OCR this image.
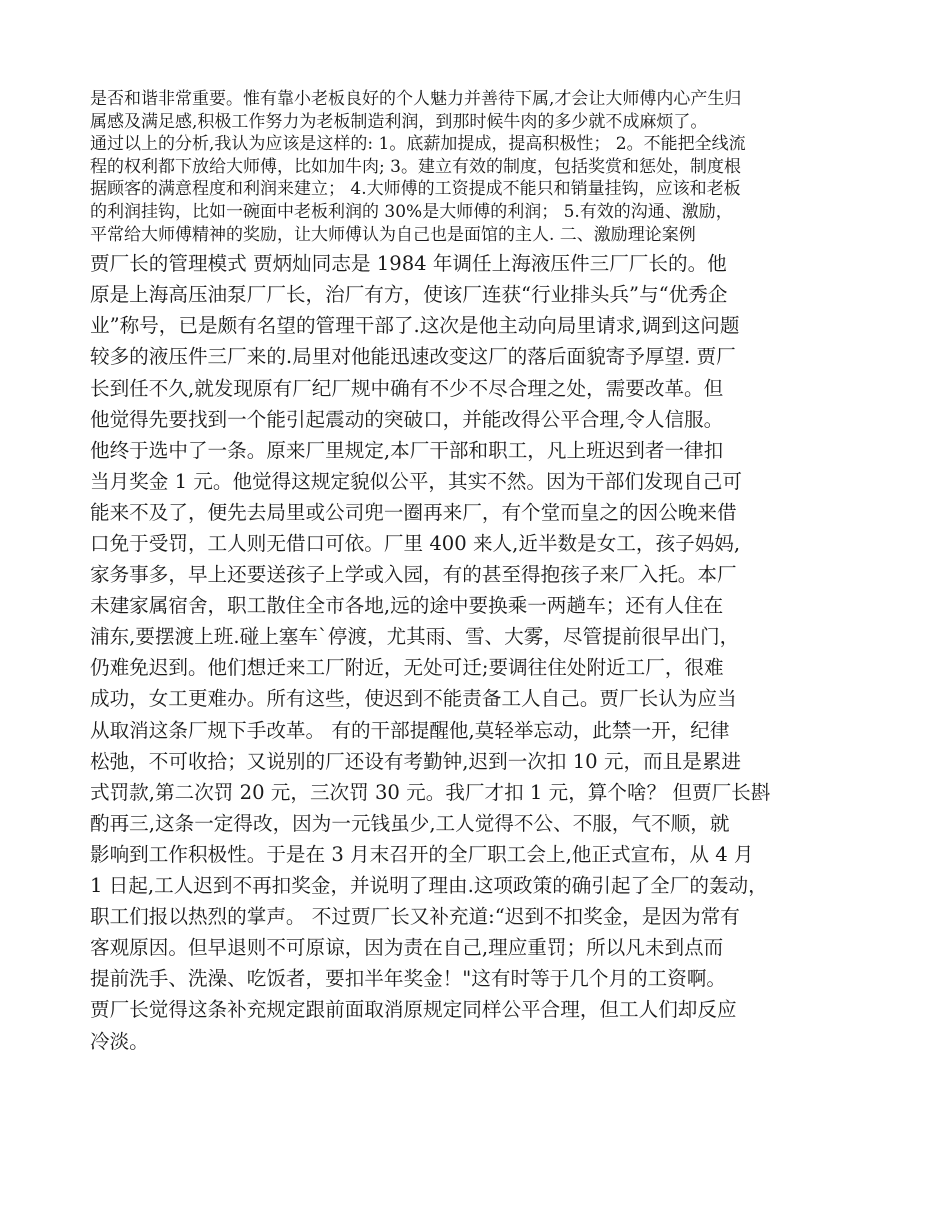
是否和谐非常重要。惟有靠小老板良好的个人魅力并善待下属,才会让大师傅内心产生归

属感及满足感,积极工作努力为老板制造利润，到那时候牛肉的多少就不成麻烦了。

通过以上的分析,我认为应该是这样的: 1。底薪加提成，提高积极性； 2。不能把全线流

程的权利都下放给大师傅，比如加牛肉; 3。建立有效的制度，包括奖赏和惩处，制度根

据顾客的满意程度和利润来建立； 4.大师傅的工资提成不能只和销量挂钩，应该和老板

的利润挂钩，比如一碗面中老板利润的 30%是大师傅的利润； 5.有效的沟通、激励，

平常给大师傅精神的奖励，让大师傅认为自己也是面馆的主人. 二、激励理论案例

贾厂长的管理模式 贾炳灿同志是 1984 年调任上海液压件三厂厂长的。他

原是上海高压油泵厂厂长，治厂有方，使该厂连获“行业排头兵”与“优秀企

业”称号，已是颇有名望的管理干部了.这次是他主动向局里请求,调到这问题

较多的液压件三厂来的.局里对他能迅速改变这厂的落后面貌寄予厚望. 贾厂

长到任不久,就发现原有厂纪厂规中确有不少不尽合理之处，需要改革。但

他觉得先要找到一个能引起震动的突破口，并能改得公平合理,令人信服。

他终于选中了一条。原来厂里规定,本厂干部和职工，凡上班迟到者一律扣

当月奖金 1 元。他觉得这规定貌似公平，其实不然。因为干部们发现自己可

能来不及了，便先去局里或公司兜一圈再来厂，有个堂而皇之的因公晚来借

口免于受罚，工人则无借口可依。厂里 400 来人,近半数是女工，孩子妈妈,

家务事多，早上还要送孩子上学或入园，有的甚至得抱孩子来厂入托。本厂

未建家属宿舍，职工散住全市各地,远的途中要换乘一两趟车；还有人住在

浦东,要摆渡上班.碰上塞车`停渡，尤其雨、雪、大雾，尽管提前很早出门，

仍难免迟到。他们想迁来工厂附近，无处可迁;要调往住处附近工厂，很难

成功，女工更难办。所有这些，使迟到不能责备工人自己。贾厂长认为应当

从取消这条厂规下手改革。 有的干部提醒他,莫轻举忘动，此禁一开，纪律

松弛，不可收拾；又说别的厂还设有考勤钟,迟到一次扣 10 元，而且是累进

式罚款,第二次罚 20 元，三次罚 30 元。我厂才扣 1 元，算个啥？ 但贾厂长斟

酌再三,这条一定得改，因为一元钱虽少,工人觉得不公、不服，气不顺，就

影响到工作积极性。于是在 3 月末召开的全厂职工会上,他正式宣布，从 4 月

1 日起,工人迟到不再扣奖金，并说明了理由.这项政策的确引起了全厂的轰动，

职工们报以热烈的掌声。 不过贾厂长又补充道:“迟到不扣奖金，是因为常有

客观原因。但早退则不可原谅，因为责在自己,理应重罚；所以凡未到点而

提前洗手、洗澡、吃饭者，要扣半年奖金！"这有时等于几个月的工资啊。

贾厂长觉得这条补充规定跟前面取消原规定同样公平合理，但工人们却反应

冷淡。
